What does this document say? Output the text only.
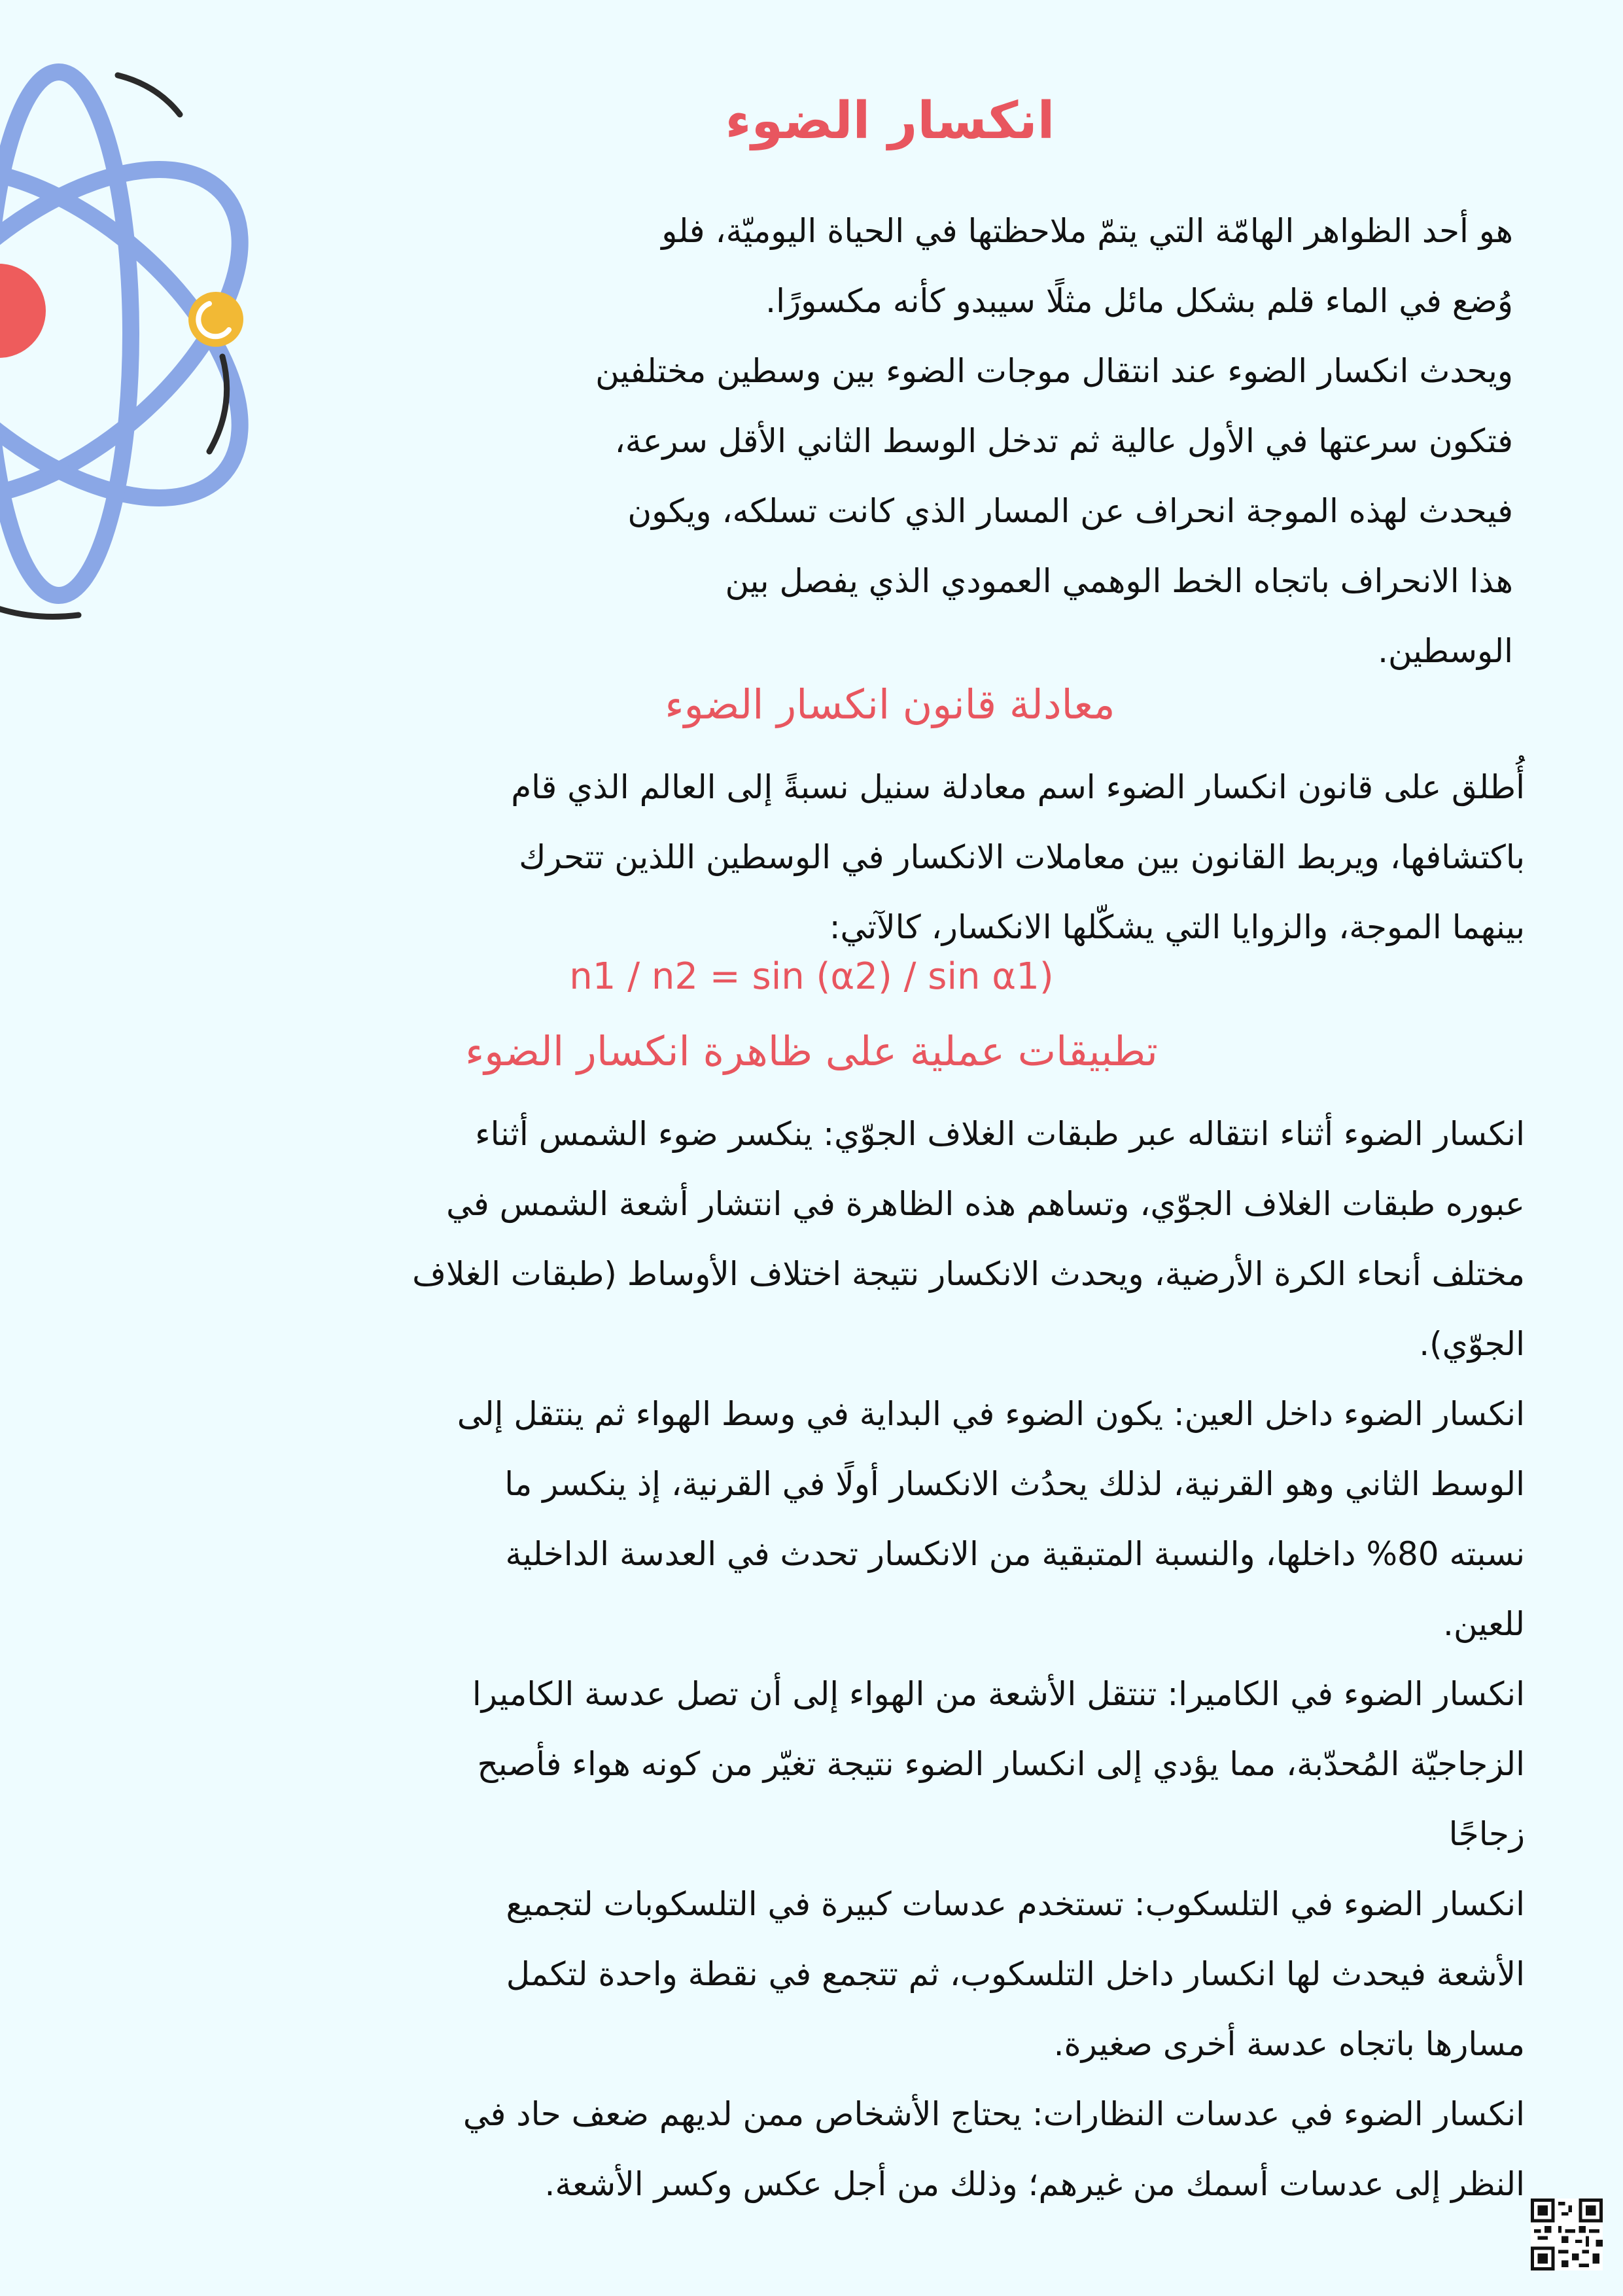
انكسار الضوء
هو أحد الظواهر الهامّة التي يتمّ ملاحظتها في الحياة اليوميّة، فلو
وُضع في الماء قلم بشكل مائل مثلًا سيبدو كأنه مكسورًا.
ويحدث انكسار الضوء عند انتقال موجات الضوء بين وسطين مختلفين
فتكون سرعتها في الأول عالية ثم تدخل الوسط الثاني الأقل سرعة،
فيحدث لهذه الموجة انحراف عن المسار الذي كانت تسلكه، ويكون
هذا الانحراف باتجاه الخط الوهمي العمودي الذي يفصل بين
الوسطين.
معادلة قانون انكسار الضوء
أُطلق على قانون انكسار الضوء اسم معادلة سنيل نسبةً إلى العالم الذي قام
باكتشافها، ويربط القانون بين معاملات الانكسار في الوسطين اللذين تتحرك
بينهما الموجة، والزوايا التي يشكّلها الانكسار، كالآتي:

n1 / n2 = sin (α2) / sin α1)

تطبيقات عملية على ظاهرة انكسار الضوء
انكسار الضوء أثناء انتقاله عبر طبقات الغلاف الجوّي: ينكسر ضوء الشمس أثناء
عبوره طبقات الغلاف الجوّي، وتساهم هذه الظاهرة في انتشار أشعة الشمس في
مختلف أنحاء الكرة الأرضية، ويحدث الانكسار نتيجة اختلاف الأوساط (طبقات الغلاف
الجوّي).
انكسار الضوء داخل العين: يكون الضوء في البداية في وسط الهواء ثم ينتقل إلى
الوسط الثاني وهو القرنية، لذلك يحدُث الانكسار أولًا في القرنية، إذ ينكسر ما
نسبته 80% داخلها، والنسبة المتبقية من الانكسار تحدث في العدسة الداخلية
للعين.
انكسار الضوء في الكاميرا: تنتقل الأشعة من الهواء إلى أن تصل عدسة الكاميرا
الزجاجيّة المُحدّبة، مما يؤدي إلى انكسار الضوء نتيجة تغيّر من كونه هواء فأصبح
زجاجًا
انكسار الضوء في التلسكوب: تستخدم عدسات كبيرة في التلسكوبات لتجميع
الأشعة فيحدث لها انكسار داخل التلسكوب، ثم تتجمع في نقطة واحدة لتكمل
مسارها باتجاه عدسة أخرى صغيرة.
انكسار الضوء في عدسات النظارات: يحتاج الأشخاص ممن لديهم ضعف حاد في
النظر إلى عدسات أسمك من غيرهم؛ وذلك من أجل عكس وكسر الأشعة.
